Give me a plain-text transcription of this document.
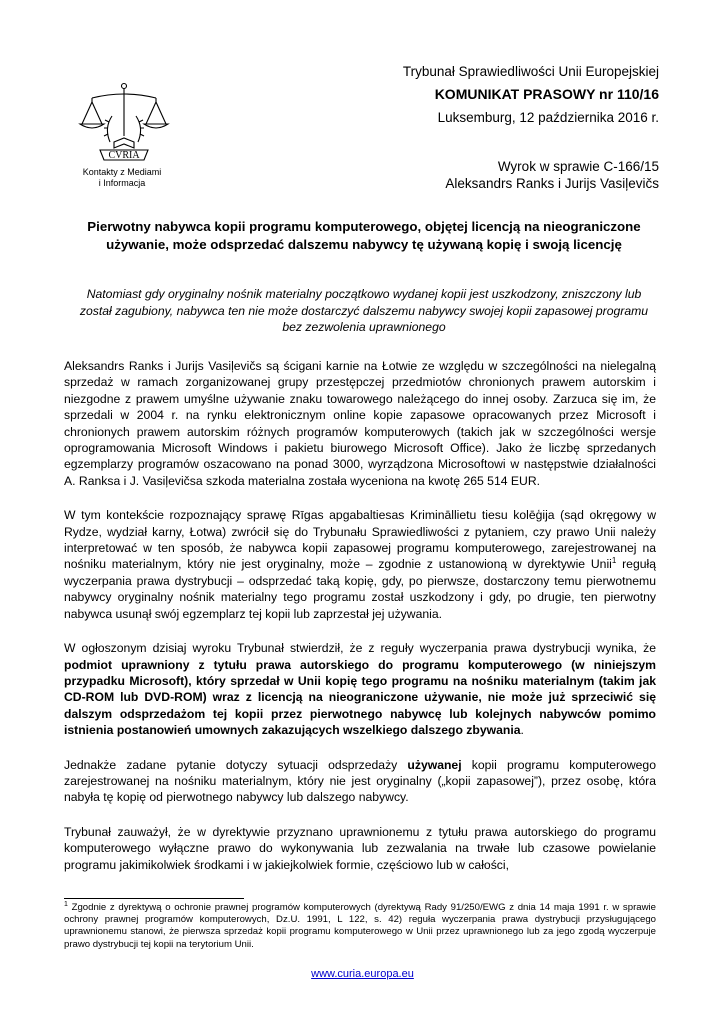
CVRIA
Kontakty z Mediami
i Informacja
Trybunał Sprawiedliwości Unii Europejskiej
KOMUNIKAT PRASOWY nr 110/16
Luksemburg, 12 października 2016 r.
Wyrok w sprawie C-166/15
Aleksandrs Ranks i Jurijs Vasiļevičs
Pierwotny nabywca kopii programu komputerowego, objętej licencją na nieograniczone używanie, może odsprzedać dalszemu nabywcy tę używaną kopię i swoją licencję
Natomiast gdy oryginalny nośnik materialny początkowo wydanej kopii jest uszkodzony, zniszczony lub został zagubiony, nabywca ten nie może dostarczyć dalszemu nabywcy swojej kopii zapasowej programu bez zezwolenia uprawnionego

Aleksandrs Ranks i Jurijs Vasiļevičs są ścigani karnie na Łotwie ze względu w szczególności na nielegalną sprzedaż w ramach zorganizowanej grupy przestępczej przedmiotów chronionych prawem autorskim i niezgodne z prawem umyślne używanie znaku towarowego należącego do innej osoby. Zarzuca się im, że sprzedali w 2004 r. na rynku elektronicznym online kopie zapasowe opracowanych przez Microsoft i chronionych prawem autorskim różnych programów komputerowych (takich jak w szczególności wersje oprogramowania Microsoft Windows i pakietu biurowego Microsoft Office). Jako że liczbę sprzedanych egzemplarzy programów oszacowano na ponad 3000, wyrządzona Microsoftowi w następstwie działalności A. Ranksa i J. Vasiļevičsa szkoda materialna została wyceniona na kwotę 265 514 EUR.

W tym kontekście rozpoznający sprawę Rīgas apgabaltiesas Krimināllietu tiesu kolēģija (sąd okręgowy w Rydze, wydział karny, Łotwa) zwrócił się do Trybunału Sprawiedliwości z pytaniem, czy prawo Unii należy interpretować w ten sposób, że nabywca kopii zapasowej programu komputerowego, zarejestrowanej na nośniku materialnym, który nie jest oryginalny, może – zgodnie z ustanowioną w dyrektywie Unii$^1$ regułą wyczerpania prawa dystrybucji – odsprzedać taką kopię, gdy, po pierwsze, dostarczony temu pierwotnemu nabywcy oryginalny nośnik materialny tego programu został uszkodzony i gdy, po drugie, ten pierwotny nabywca usunął swój egzemplarz tej kopii lub zaprzestał jej używania.

W ogłoszonym dzisiaj wyroku Trybunał stwierdził, że z reguły wyczerpania prawa dystrybucji wynika, że podmiot uprawniony z tytułu prawa autorskiego do programu komputerowego (w niniejszym przypadku Microsoft), który sprzedał w Unii kopię tego programu na nośniku materialnym (takim jak CD-ROM lub DVD-ROM) wraz z licencją na nieograniczone używanie, nie może już sprzeciwić się dalszym odsprzedażom tej kopii przez pierwotnego nabywcę lub kolejnych nabywców pomimo istnienia postanowień umownych zakazujących wszelkiego dalszego zbywania.

Jednakże zadane pytanie dotyczy sytuacji odsprzedaży używanej kopii programu komputerowego zarejestrowanej na nośniku materialnym, który nie jest oryginalny („kopii zapasowej”), przez osobę, która nabyła tę kopię od pierwotnego nabywcy lub dalszego nabywcy.

Trybunał zauważył, że w dyrektywie przyznano uprawnionemu z tytułu prawa autorskiego do programu komputerowego wyłączne prawo do wykonywania lub zezwalania na trwałe lub czasowe powielanie programu jakimikolwiek środkami i w jakiejkolwiek formie, częściowo lub w całości,

$^1$ Zgodnie z dyrektywą o ochronie prawnej programów komputerowych (dyrektywą Rady 91/250/EWG z dnia 14 maja 1991 r. w sprawie ochrony prawnej programów komputerowych, Dz.U. 1991, L 122, s. 42) reguła wyczerpania prawa dystrybucji przysługującego uprawnionemu stanowi, że pierwsza sprzedaż kopii programu komputerowego w Unii przez uprawnionego lub za jego zgodą wyczerpuje prawo dystrybucji tej kopii na terytorium Unii.
www.curia.europa.eu
